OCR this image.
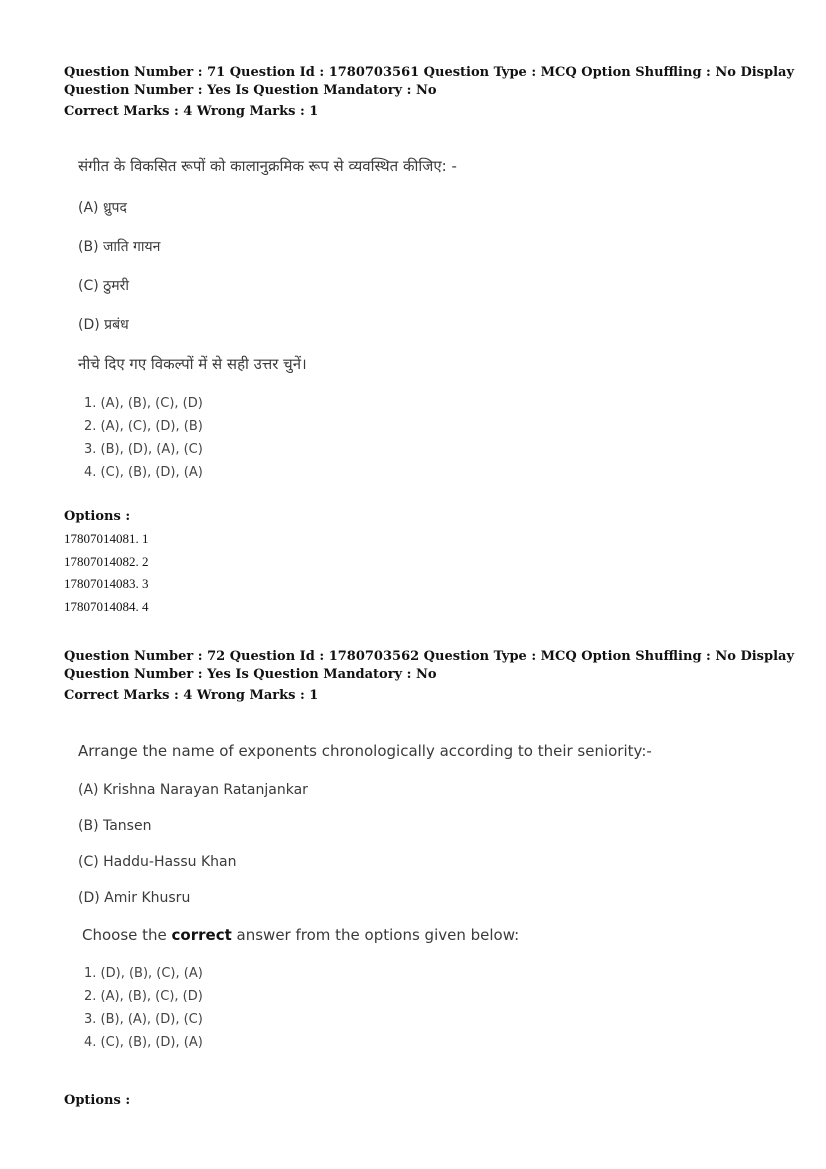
Question Number : 71 Question Id : 1780703561 Question Type : MCQ Option Shuffling : No Display
Question Number : Yes Is Question Mandatory : No
Correct Marks : 4 Wrong Marks : 1
संगीत के विकसित रूपों को कालानुक्रमिक रूप से व्यवस्थित कीजिए: -
(A) ध्रुपद
(B) जाति गायन
(C) ठुमरी
(D) प्रबंध
नीचे दिए गए विकल्पों में से सही उत्तर चुनें।
1. (A), (B), (C), (D)
2. (A), (C), (D), (B)
3. (B), (D), (A), (C)
4. (C), (B), (D), (A)
Options :
17807014081. 1
17807014082. 2
17807014083. 3
17807014084. 4
Question Number : 72 Question Id : 1780703562 Question Type : MCQ Option Shuffling : No Display
Question Number : Yes Is Question Mandatory : No
Correct Marks : 4 Wrong Marks : 1
Arrange the name of exponents chronologically according to their seniority:-
(A) Krishna Narayan Ratanjankar
(B) Tansen
(C) Haddu-Hassu Khan
(D) Amir Khusru
Choose the correct answer from the options given below:
1. (D), (B), (C), (A)
2. (A), (B), (C), (D)
3. (B), (A), (D), (C)
4. (C), (B), (D), (A)
Options :
